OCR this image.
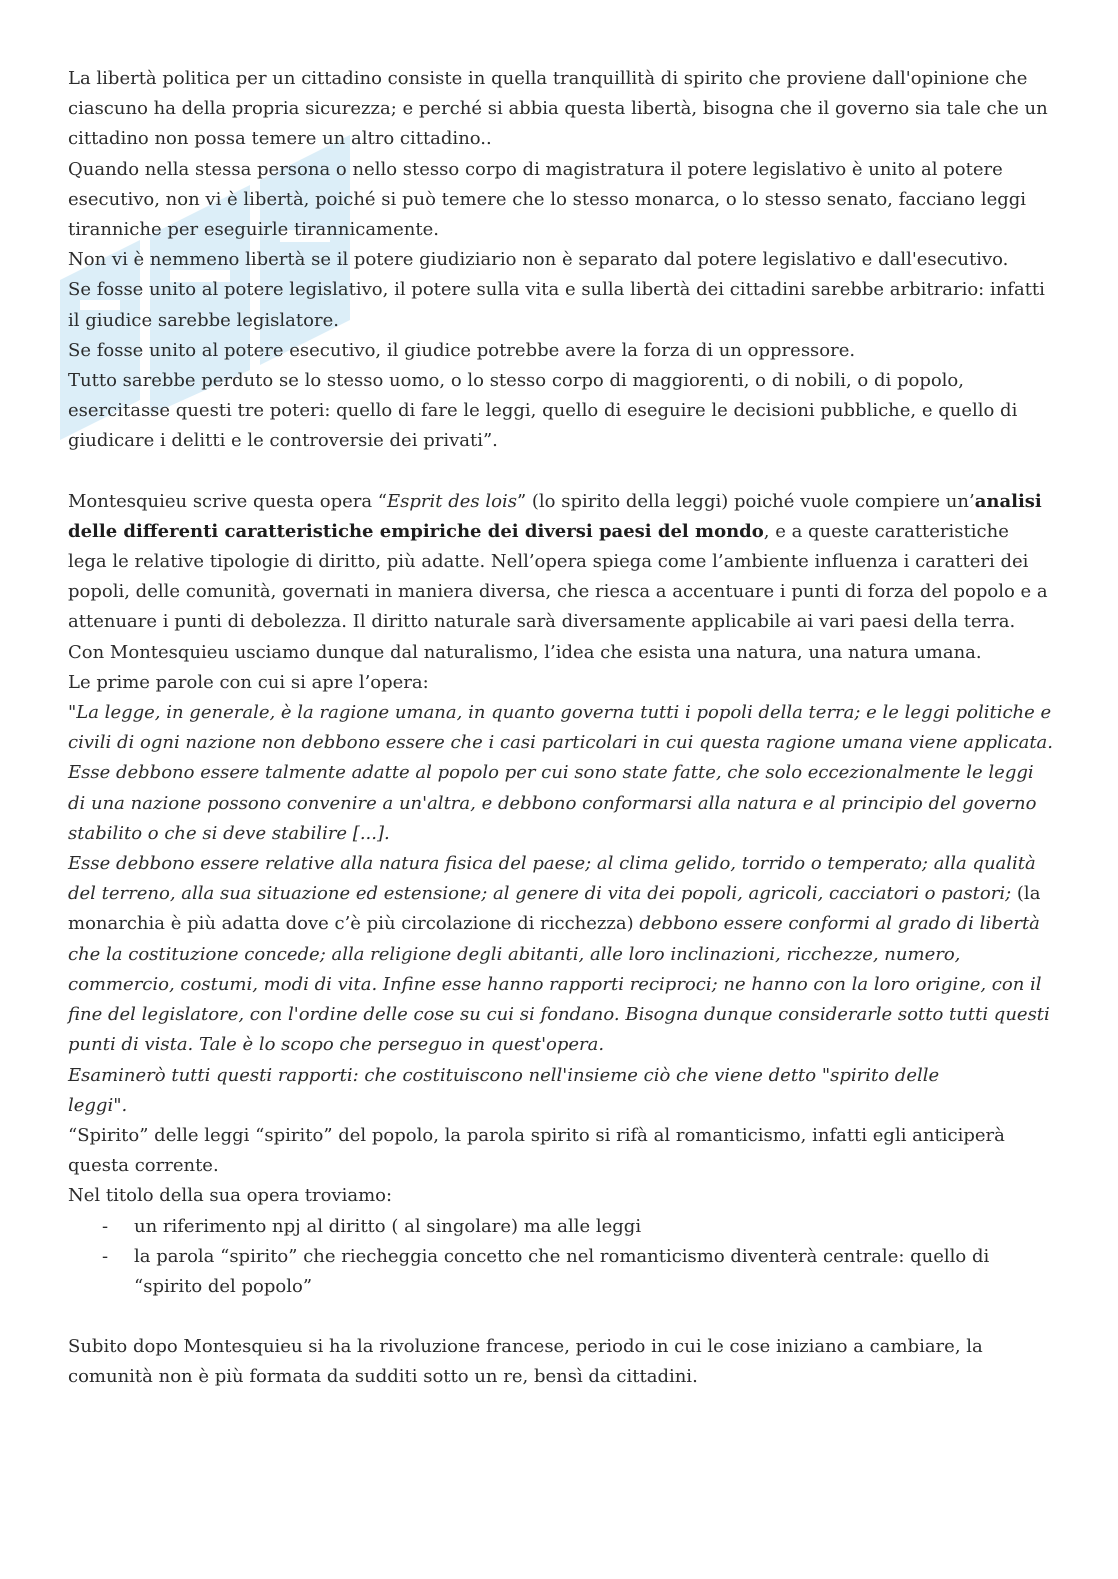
La libertà politica per un cittadino consiste in quella tranquillità di spirito che proviene dall'opinione che ciascuno ha della propria sicurezza; e perché si abbia questa libertà, bisogna che il governo sia tale che un cittadino non possa temere un altro cittadino..

Quando nella stessa persona o nello stesso corpo di magistratura il potere legislativo è unito al potere esecutivo, non vi è libertà, poiché si può temere che lo stesso monarca, o lo stesso senato, facciano leggi tiranniche per eseguirle tirannicamente.

Non vi è nemmeno libertà se il potere giudiziario non è separato dal potere legislativo e dall'esecutivo.

Se fosse unito al potere legislativo, il potere sulla vita e sulla libertà dei cittadini sarebbe arbitrario: infatti il giudice sarebbe legislatore.

Se fosse unito al potere esecutivo, il giudice potrebbe avere la forza di un oppressore.

Tutto sarebbe perduto se lo stesso uomo, o lo stesso corpo di maggiorenti, o di nobili, o di popolo, esercitasse questi tre poteri: quello di fare le leggi, quello di eseguire le decisioni pubbliche, e quello di giudicare i delitti e le controversie dei privati”.

Montesquieu scrive questa opera “Esprit des lois” (lo spirito della leggi) poiché vuole compiere un’analisi delle differenti caratteristiche empiriche dei diversi paesi del mondo, e a queste caratteristiche lega le relative tipologie di diritto, più adatte. Nell’opera spiega come l’ambiente influenza i caratteri dei popoli, delle comunità, governati in maniera diversa, che riesca a accentuare i punti di forza del popolo e a attenuare i punti di debolezza. Il diritto naturale sarà diversamente applicabile ai vari paesi della terra. Con Montesquieu usciamo dunque dal naturalismo, l’idea che esista una natura, una natura umana.

Le prime parole con cui si apre l’opera:

"La legge, in generale, è la ragione umana, in quanto governa tutti i popoli della terra; e le leggi politiche e civili di ogni nazione non debbono essere che i casi particolari in cui questa ragione umana viene applicata. Esse debbono essere talmente adatte al popolo per cui sono state fatte, che solo eccezionalmente le leggi di una nazione possono convenire a un'altra, e debbono conformarsi alla natura e al principio del governo stabilito o che si deve stabilire [...].

Esse debbono essere relative alla natura fisica del paese; al clima gelido, torrido o temperato; alla qualità del terreno, alla sua situazione ed estensione; al genere di vita dei popoli, agricoli, cacciatori o pastori; (la monarchia è più adatta dove c’è più circolazione di ricchezza) debbono essere conformi al grado di libertà che la costituzione concede; alla religione degli abitanti, alle loro inclinazioni, ricchezze, numero, commercio, costumi, modi di vita. Infine esse hanno rapporti reciproci; ne hanno con la loro origine, con il fine del legislatore, con l'ordine delle cose su cui si fondano. Bisogna dunque considerarle sotto tutti questi punti di vista. Tale è lo scopo che perseguo in quest'opera.

Esaminerò tutti questi rapporti: che costituiscono nell'insieme ciò che viene detto "spirito delle

leggi".

“Spirito” delle leggi “spirito” del popolo, la parola spirito si rifà al romanticismo, infatti egli anticiperà questa corrente.

Nel titolo della sua opera troviamo:

- un riferimento npj al diritto ( al singolare) ma alle leggi
- la parola “spirito” che riecheggia concetto che nel romanticismo diventerà centrale: quello di “spirito del popolo”

Subito dopo Montesquieu si ha la rivoluzione francese, periodo in cui le cose iniziano a cambiare, la comunità non è più formata da sudditi sotto un re, bensì da cittadini.
